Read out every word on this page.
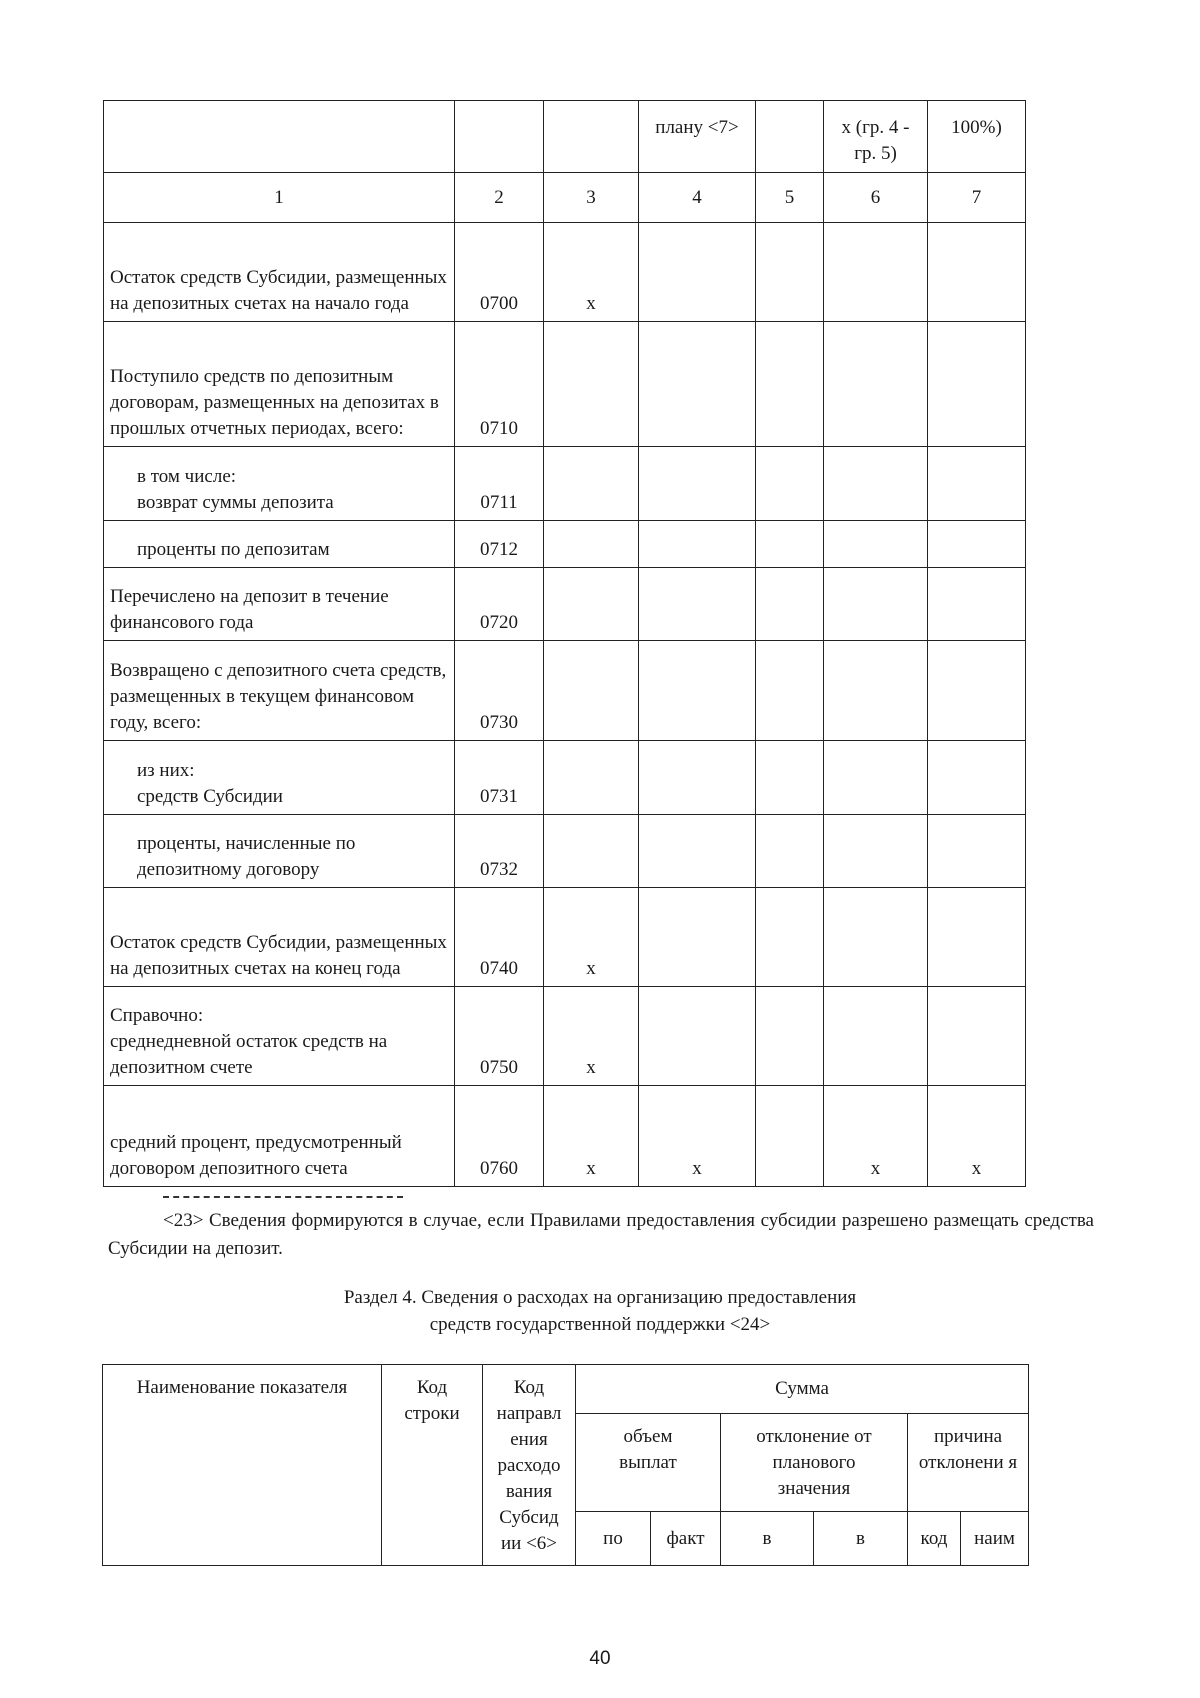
			плану <7>		х (гр. 4 - гр. 5)	100%)
1	2	3	4	5	6	7
Остаток средств Субсидии, размещенных на депозитных счетах на начало года	0700	х				
Поступило средств по депозитным договорам, размещенных на депозитах в прошлых отчетных периодах, всего:	0710					

в том числе:
возврат суммы депозита	0711					
проценты по депозитам	0712					
Перечислено на депозит в течение финансового года	0720					
Возвращено с депозитного счета средств, размещенных в текущем финансовом году, всего:	0730					

из них:
средств Субсидии	0731					
проценты, начисленные по депозитному договору	0732					
Остаток средств Субсидии, размещенных на депозитных счетах на конец года	0740	х				

Справочно:
среднедневной остаток средств на депозитном счете	0750	х				
средний процент, предусмотренный договором депозитного счета	0760	х	х		х	х
<23> Сведения формируются в случае, если Правилами предоставления субсидии разрешено размещать средства Субсидии на депозит.
Раздел 4. Сведения о расходах на организацию предоставления
средств государственной поддержки <24>
Наименование показателя	Код строки	Код направл ения расходо вания Субсид ии <6>	Сумма					

			объем выплат		отклонение от планового значения		причина отклонени я	

			по	факт	в	в	код	наим
40
